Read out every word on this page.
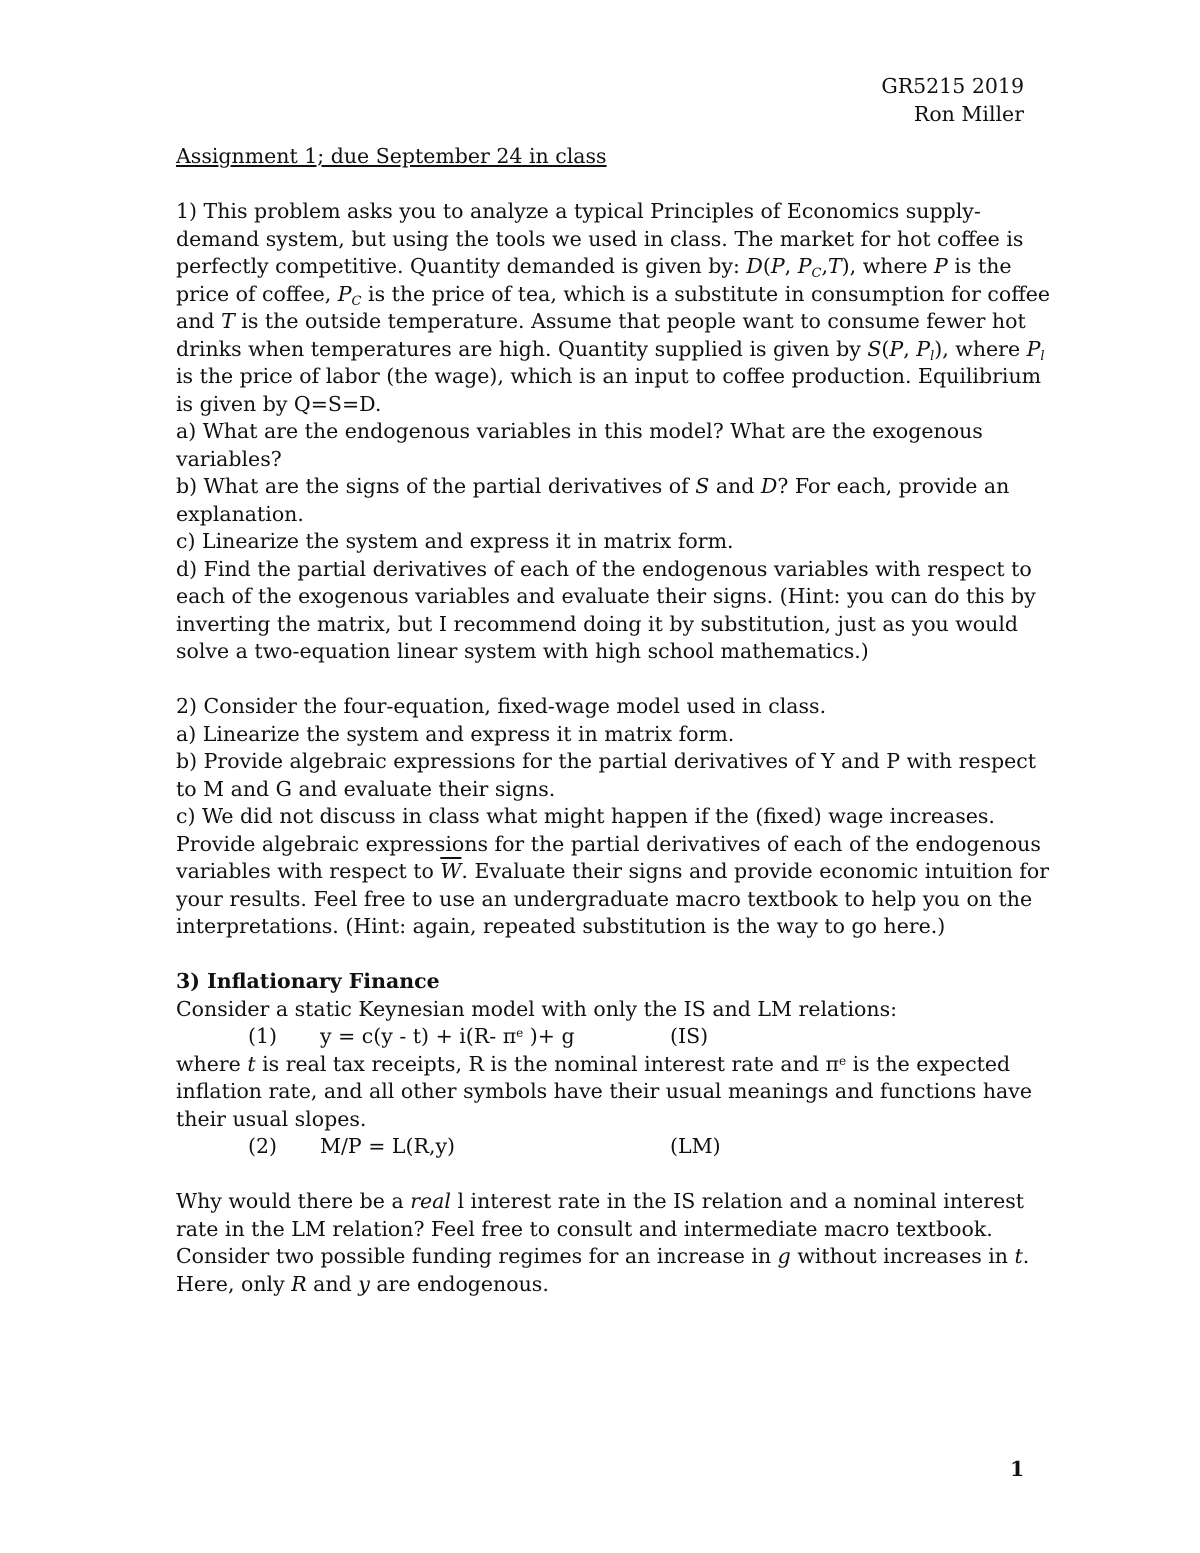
GR5215 2019
Ron Miller
Assignment 1; due September 24 in class
1) This problem asks you to analyze a typical Principles of Economics supply-
demand system, but using the tools we used in class. The market for hot coffee is
perfectly competitive. Quantity demanded is given by: D(P, $P_C,T$), where P is the
price of coffee, $P_C$ is the price of tea, which is a substitute in consumption for coffee
and T is the outside temperature. Assume that people want to consume fewer hot
drinks when temperatures are high. Quantity supplied is given by S(P, $P_l$), where $P_l$
is the price of labor (the wage), which is an input to coffee production. Equilibrium
is given by Q=S=D.
a) What are the endogenous variables in this model? What are the exogenous
variables?
b) What are the signs of the partial derivatives of S and D? For each, provide an
explanation.
c) Linearize the system and express it in matrix form.
d) Find the partial derivatives of each of the endogenous variables with respect to
each of the exogenous variables and evaluate their signs. (Hint: you can do this by
inverting the matrix, but I recommend doing it by substitution, just as you would
solve a two-equation linear system with high school mathematics.)
2) Consider the four-equation, fixed-wage model used in class.
a) Linearize the system and express it in matrix form.
b) Provide algebraic expressions for the partial derivatives of Y and P with respect
to M and G and evaluate their signs.
c) We did not discuss in class what might happen if the (fixed) wage increases.
Provide algebraic expressions for the partial derivatives of each of the endogenous
variables with respect to $\overline{W}$. Evaluate their signs and provide economic intuition for
your results. Feel free to use an undergraduate macro textbook to help you on the
interpretations. (Hint: again, repeated substitution is the way to go here.)
3) Inflationary Finance
Consider a static Keynesian model with only the IS and LM relations:
(1) y = c(y - t) + i(R- $\pi^e$ )+ g	(IS)
where t is real tax receipts, R is the nominal interest rate and $\pi^e$ is the expected
inflation rate, and all other symbols have their usual meanings and functions have
their usual slopes.
(2) M/P = L(R,y)	(LM)
Why would there be a real l interest rate in the IS relation and a nominal interest
rate in the LM relation? Feel free to consult and intermediate macro textbook.
Consider two possible funding regimes for an increase in g without increases in t.
Here, only R and y are endogenous.
1
